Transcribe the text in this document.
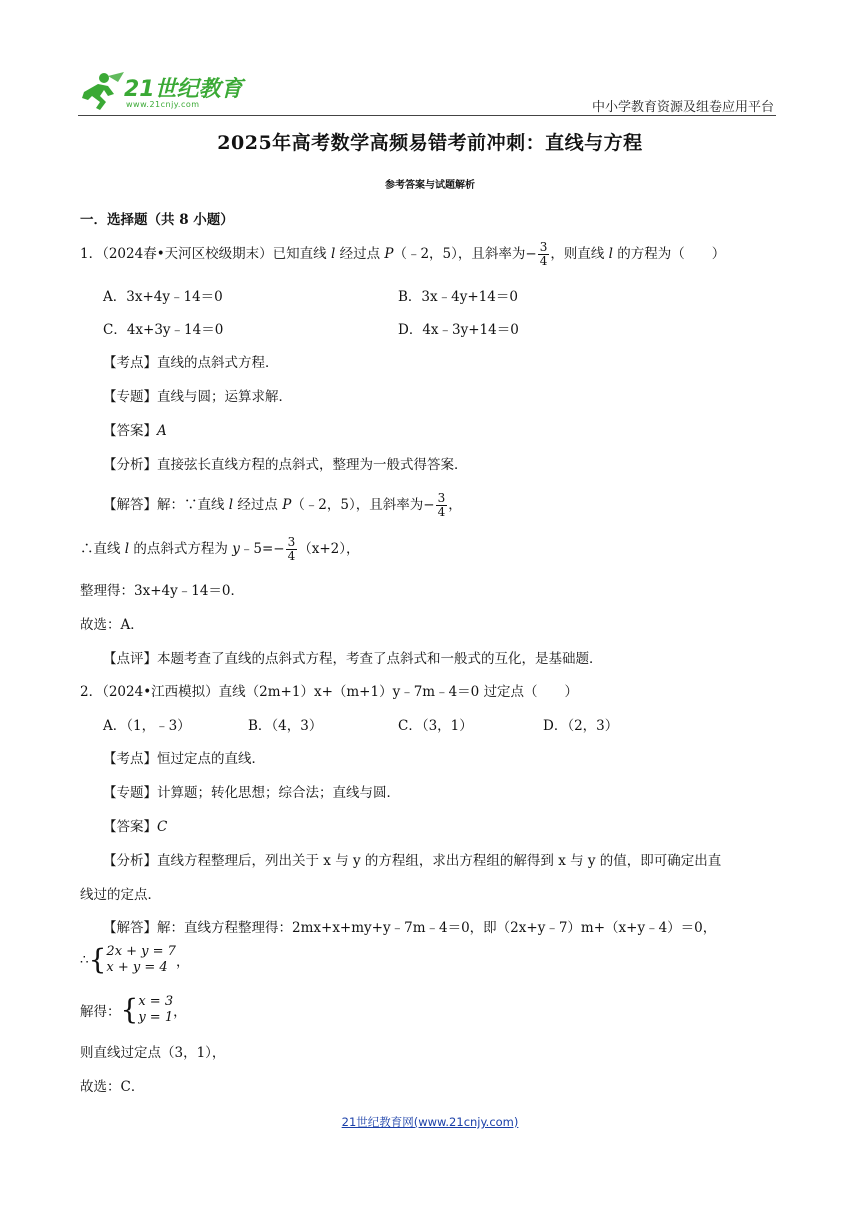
21世纪教育
www.21cnjy.com	中小学教育资源及组卷应用平台
2025年高考数学高频易错考前冲刺：直线与方程
参考答案与试题解析
一．选择题（共 8 小题）
1．（2024春•天河区校级期末）已知直线 l 经过点 P（﹣2，5），且斜率为− $\frac{3}{4}$ ，则直线 l 的方程为（　　）
A．3x+4y﹣14＝0	B．3x﹣4y+14＝0
C．4x+3y﹣14＝0	D．4x﹣3y+14＝0
【考点】直线的点斜式方程．
【专题】直线与圆；运算求解．
【答案】A
【分析】直接弦长直线方程的点斜式，整理为一般式得答案．
【解答】解：∵直线 l 经过点 P（﹣2，5），且斜率为− $\frac{3}{4}$ ，
∴直线 l 的点斜式方程为 y﹣5=− $\frac{3}{4} (x+2)$，
整理得：3x+4y﹣14＝0．
故选：A．
【点评】本题考查了直线的点斜式方程，考查了点斜式和一般式的互化，是基础题．
2．（2024•江西模拟）直线（2m+1）x+（m+1）y﹣7m﹣4＝0 过定点（　　）
A．（1，﹣3）	B．（4，3）	C．（3，1）	D．（2，3）
【考点】恒过定点的直线．
【专题】计算题；转化思想；综合法；直线与圆．
【答案】C
【分析】直线方程整理后，列出关于 x 与 y 的方程组，求出方程组的解得到 x 与 y 的值，即可确定出直
线过的定点．
【解答】解：直线方程整理得：2mx+x+my+y﹣7m﹣4＝0，即（2x+y﹣7）m+（x+y﹣4）＝0，
∴{ 2x + y = 7
x + y = 4 ，
解得：{ x = 3
y = 1 ，
则直线过定点（3，1），
故选：C．
21世纪教育网(www.21cnjy.com)
